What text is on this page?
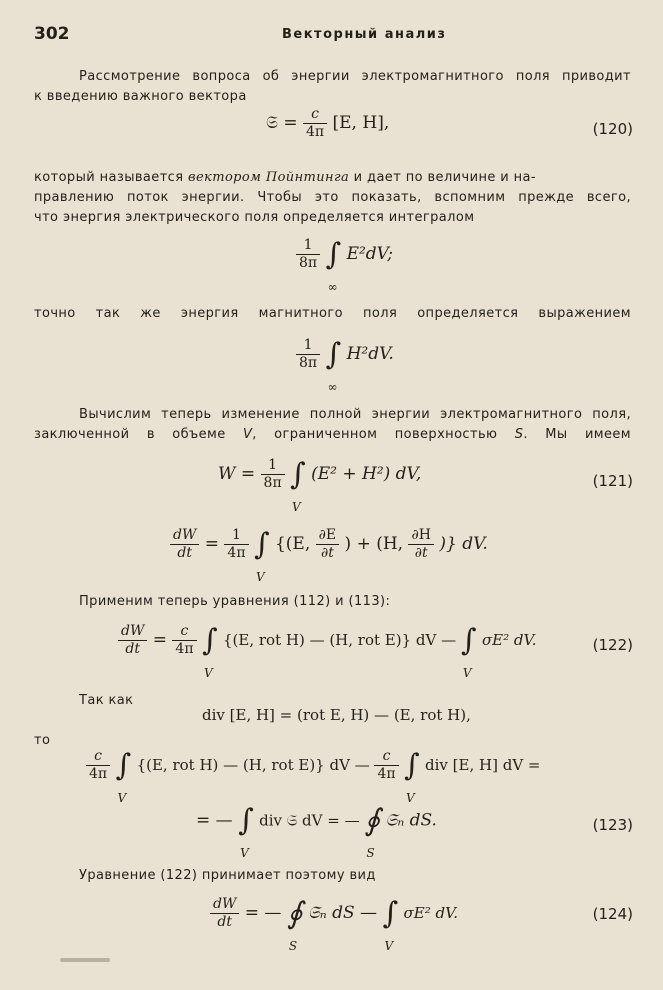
302	Векторный анализ
Рассмотрение вопроса об энергии электромагнитного поля приводит
к введению важного вектора
𝔖 = $\frac{c}{4\pi} [E$, H],	(120)
который называется вектором Пойнтинга и дает по величине и на-
правлению поток энергии. Чтобы это показать, вспомним прежде всего,
что энергия электрического поля определяется интегралом
$\frac{1}{8\pi}$ ∫
∞
E²dV;
точно так же энергия магнитного поля определяется выражением
$\frac{1}{8\pi}$ ∫
∞
H²dV.
Вычислим теперь изменение полной энергии электромагнитного поля,
заключенной в объеме V, ограниченном поверхностью S. Мы имеем
$W = \frac{1}{8\pi}$ ∫
V
(E² + H²) dV,	(121)
$\frac{dW}{dt} = \frac{1}{4\pi}$ ∫
V
{(E, $\frac{\partial E}{\partial t}$ ) + (H, $\frac{\partial H}{\partial t}$ )} dV.
Применим теперь уравнения (112) и (113):
$\frac{dW}{dt} = \frac{c}{4\pi}$ ∫
V
{(E, rot H) — (H, rot E)} dV — ∫
V
σE² dV.	(122)
Так как
div [E, H] = (rot E, H) — (E, rot H),
то
$\frac{c}{4\pi}$ ∫
V
{(E, rot H) — (H, rot E)} dV — $\frac{c}{4\pi}$ ∫
V
div [E, H] dV =
= — ∫
V
div 𝔖 dV = — ∮
S
𝔖ₙ dS.	(123)
Уравнение (122) принимает поэтому вид
$\frac{dW}{dt}$ = — ∮
S
𝔖ₙ dS — ∫
V
σE² dV.	(124)
